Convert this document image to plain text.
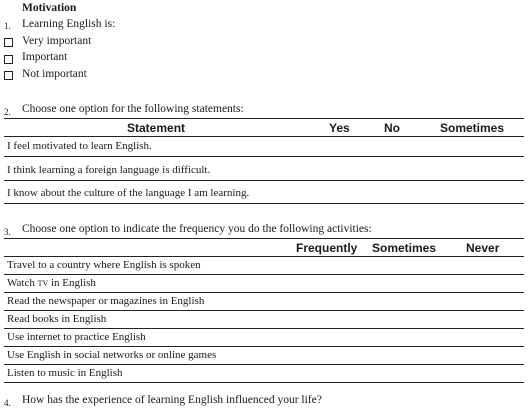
Motivation
1. Learning English is:
Very important
Important
Not important
2. Choose one option for the following statements:
Statement	Yes	No	Sometimes
I feel motivated to learn English.
I think learning a foreign language is difficult.
I know about the culture of the language I am learning.
3. Choose one option to indicate the frequency you do the following activities:
Frequently Sometimes Never
Travel to a country where English is spoken
Watch tv in English
Read the newspaper or magazines in English
Read books in English
Use internet to practice English
Use English in social networks or online games
Listen to music in English
4. How has the experience of learning English influenced your life?
